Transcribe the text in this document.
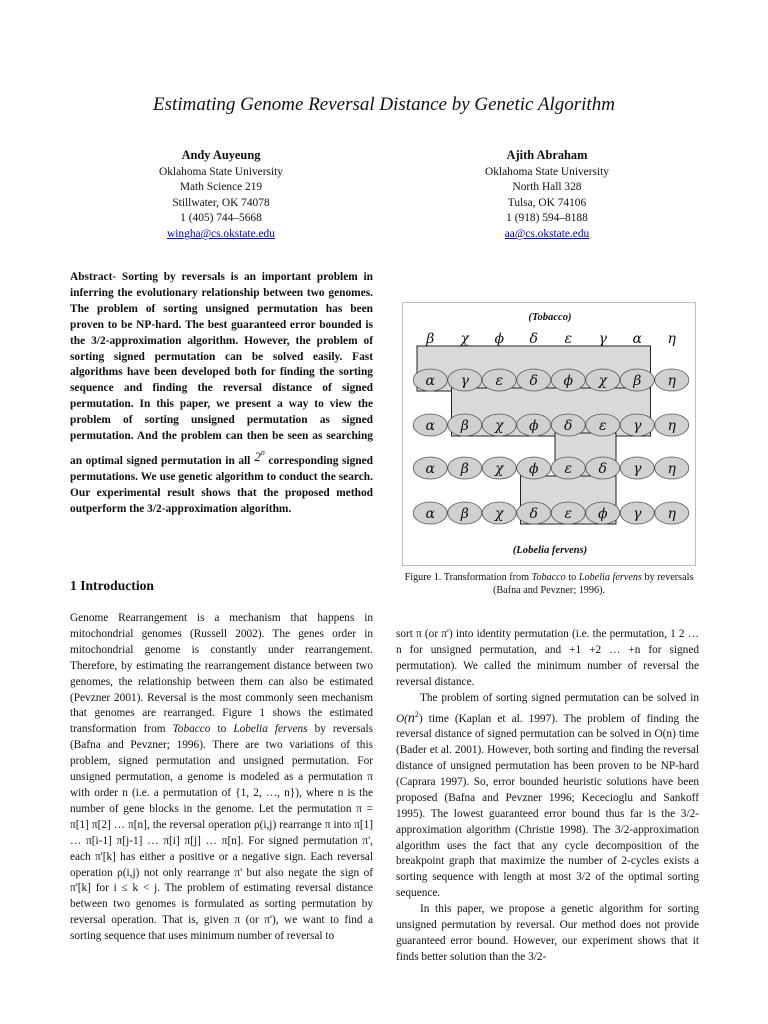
Estimating Genome Reversal Distance by Genetic Algorithm
Andy Auyeung
Oklahoma State University
Math Science 219
Stillwater, OK 74078
1 (405) 744–5668
wingha@cs.okstate.edu
Ajith Abraham
Oklahoma State University
North Hall 328
Tulsa, OK 74106
1 (918) 594–8188
aa@cs.okstate.edu

Abstract- Sorting by reversals is an important problem in inferring the evolutionary relationship between two genomes. The problem of sorting unsigned permutation has been proven to be NP-hard. The best guaranteed error bounded is the 3/2-approximation algorithm. However, the problem of sorting signed permutation can be solved easily. Fast algorithms have been developed both for finding the sorting sequence and finding the reversal distance of signed permutation. In this paper, we present a way to view the problem of sorting unsigned permutation as signed permutation. And the problem can then be seen as searching an optimal signed permutation in all 2$^n$ corresponding signed permutations. We use genetic algorithm to conduct the search. Our experimental result shows that the proposed method outperform the 3/2-approximation algorithm.

(Tobacco)
β χ ϕ δ ε γ α η
α γ ε δ ϕ χ β η
α β χ ϕ δ ε γ η
α β χ ϕ ε δ γ η
α β χ δ ε ϕ γ η
(Lobelia fervens)
Figure 1. Transformation from Tobacco to Lobelia fervens by reversals (Bafna and Pevzner; 1996).
1 Introduction

Genome Rearrangement is a mechanism that happens in mitochondrial genomes (Russell 2002). The genes order in mitochondrial genome is constantly under rearrangement. Therefore, by estimating the rearrangement distance between two genomes, the relationship between them can also be estimated (Pevzner 2001). Reversal is the most commonly seen mechanism that genomes are rearranged. Figure 1 shows the estimated transformation from Tobacco to Lobelia fervens by reversals (Bafna and Pevzner; 1996). There are two variations of this problem, signed permutation and unsigned permutation. For unsigned permutation, a genome is modeled as a permutation π with order n (i.e. a permutation of {1, 2, …, n}), where n is the number of gene blocks in the genome. Let the permutation π = π[1] π[2] … π[n], the reversal operation ρ(i,j) rearrange π into π[1] … π[i-1] π[j-1] … π[i] π[j] … π[n]. For signed permutation π', each π'[k] has either a positive or a negative sign. Each reversal operation ρ(i,j) not only rearrange π' but also negate the sign of π'[k] for i ≤ k < j. The problem of estimating reversal distance between two genomes is formulated as sorting permutation by reversal operation. That is, given π (or π'), we want to find a sorting sequence that uses minimum number of reversal to

sort π (or π') into identity permutation (i.e. the permutation, 1 2 … n for unsigned permutation, and +1 +2 … +n for signed permutation). We called the minimum number of reversal the reversal distance.

The problem of sorting signed permutation can be solved in $O(n^2)$ time (Kaplan et al. 1997). The problem of finding the reversal distance of signed permutation can be solved in O(n) time (Bader et al. 2001). However, both sorting and finding the reversal distance of unsigned permutation has been proven to be NP-hard (Caprara 1997). So, error bounded heuristic solutions have been proposed (Bafna and Pevzner 1996; Kececioglu and Sankoff 1995). The lowest guaranteed error bound thus far is the 3/2-approximation algorithm (Christie 1998). The 3/2-approximation algorithm uses the fact that any cycle decomposition of the breakpoint graph that maximize the number of 2-cycles exists a sorting sequence with length at most 3/2 of the optimal sorting sequence.

In this paper, we propose a genetic algorithm for sorting unsigned permutation by reversal. Our method does not provide guaranteed error bound. However, our experiment shows that it finds better solution than the 3/2-
